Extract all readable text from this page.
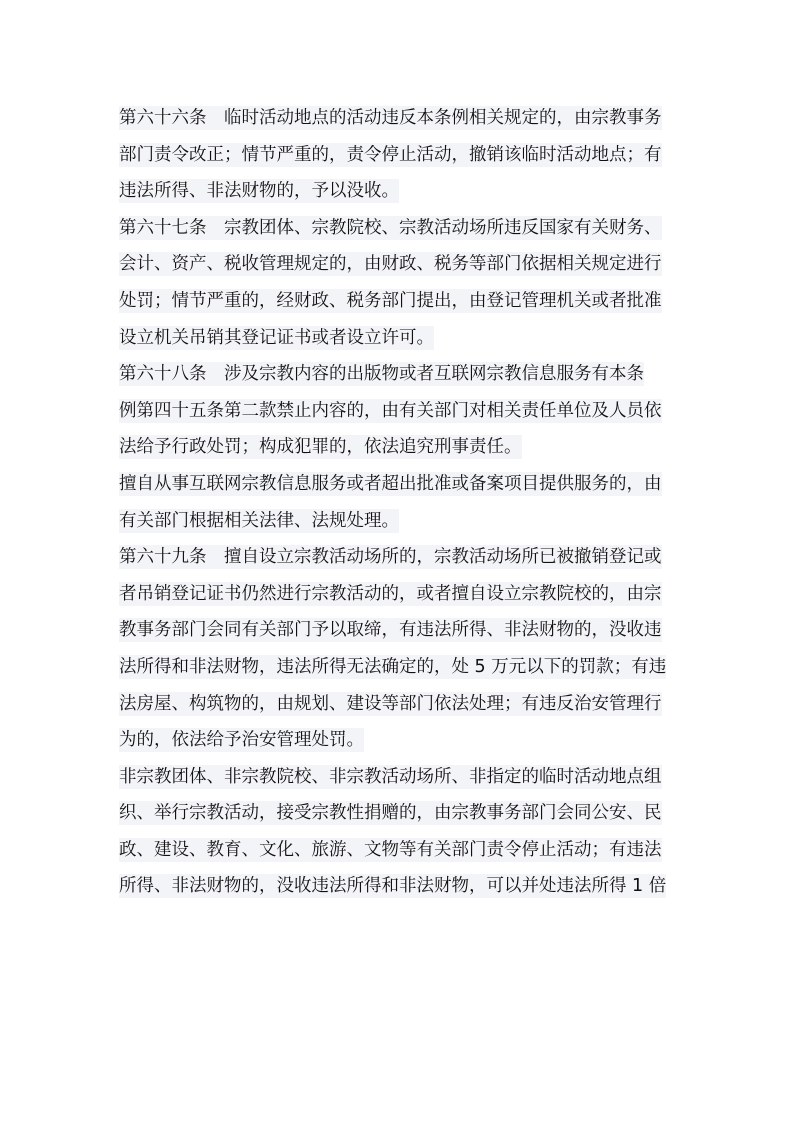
第六十六条　临时活动地点的活动违反本条例相关规定的，由宗教事务
部门责令改正；情节严重的，责令停止活动，撤销该临时活动地点；有
违法所得、非法财物的，予以没收。
第六十七条　宗教团体、宗教院校、宗教活动场所违反国家有关财务、
会计、资产、税收管理规定的，由财政、税务等部门依据相关规定进行
处罚；情节严重的，经财政、税务部门提出，由登记管理机关或者批准
设立机关吊销其登记证书或者设立许可。
第六十八条　涉及宗教内容的出版物或者互联网宗教信息服务有本条
例第四十五条第二款禁止内容的，由有关部门对相关责任单位及人员依
法给予行政处罚；构成犯罪的，依法追究刑事责任。
擅自从事互联网宗教信息服务或者超出批准或备案项目提供服务的，由
有关部门根据相关法律、法规处理。
第六十九条　擅自设立宗教活动场所的，宗教活动场所已被撤销登记或
者吊销登记证书仍然进行宗教活动的，或者擅自设立宗教院校的，由宗
教事务部门会同有关部门予以取缔，有违法所得、非法财物的，没收违
法所得和非法财物，违法所得无法确定的，处 5 万元以下的罚款；有违
法房屋、构筑物的，由规划、建设等部门依法处理；有违反治安管理行
为的，依法给予治安管理处罚。
非宗教团体、非宗教院校、非宗教活动场所、非指定的临时活动地点组
织、举行宗教活动，接受宗教性捐赠的，由宗教事务部门会同公安、民
政、建设、教育、文化、旅游、文物等有关部门责令停止活动；有违法
所得、非法财物的，没收违法所得和非法财物，可以并处违法所得 1 倍
